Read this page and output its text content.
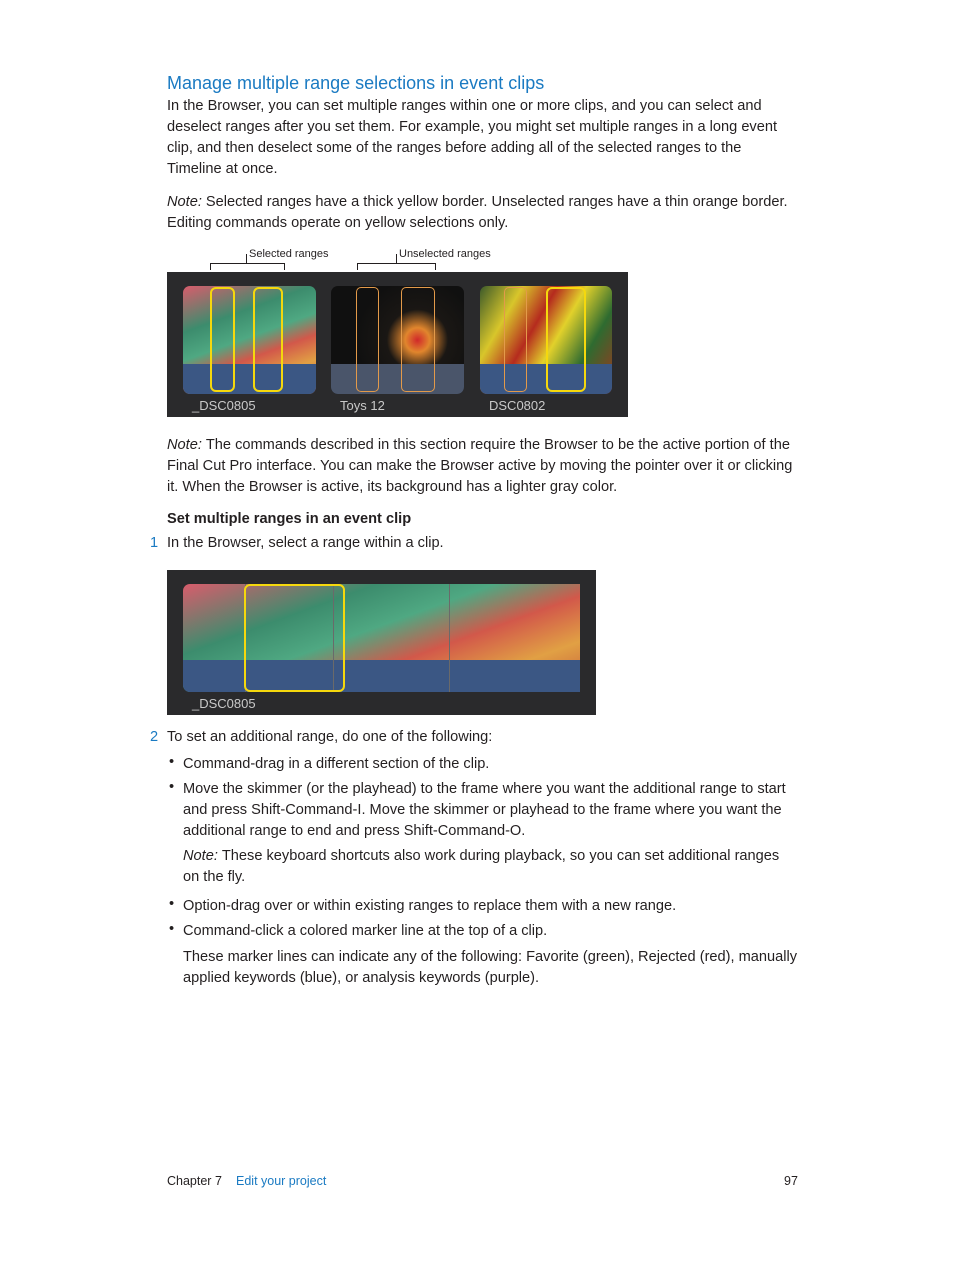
Manage multiple range selections in event clips

In the Browser, you can set multiple ranges within one or more clips, and you can select and deselect ranges after you set them. For example, you might set multiple ranges in a long event clip, and then deselect some of the ranges before adding all of the selected ranges to the Timeline at once.

Note: Selected ranges have a thick yellow border. Unselected ranges have a thin orange border. Editing commands operate on yellow selections only.

Selected ranges	Unselected ranges
_DSC0805	Toys 12	DSC0802

Note: The commands described in this section require the Browser to be the active portion of the Final Cut Pro interface. You can make the Browser active by moving the pointer over it or clicking it. When the Browser is active, its background has a lighter gray color.

Set multiple ranges in an event clip

1 In the Browser, select a range within a clip.

_DSC0805
2 To set an additional range, do one of the following:

• Command-drag in a different section of the clip.

• Move the skimmer (or the playhead) to the frame where you want the additional range to start and press Shift-Command-I. Move the skimmer or playhead to the frame where you want the additional range to end and press Shift-Command-O.

Note: These keyboard shortcuts also work during playback, so you can set additional ranges on the fly.

• Option-drag over or within existing ranges to replace them with a new range.

• Command-click a colored marker line at the top of a clip.

These marker lines can indicate any of the following: Favorite (green), Rejected (red), manually applied keywords (blue), or analysis keywords (purple).

Chapter 7 Edit your project	97
